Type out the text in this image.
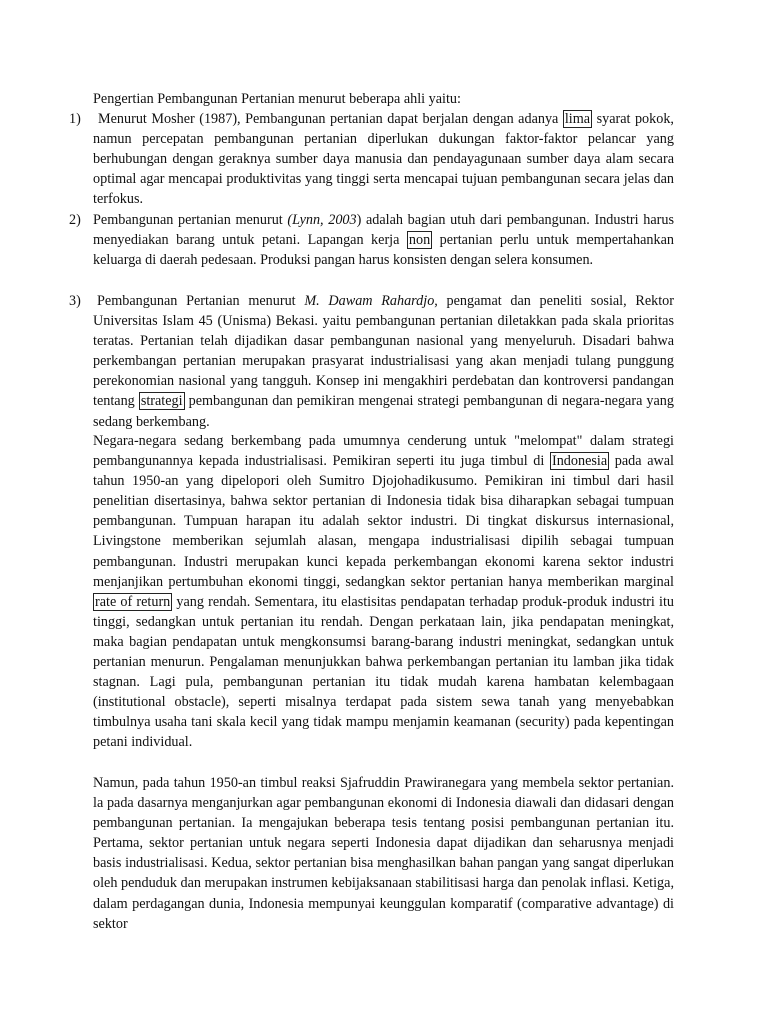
Pengertian Pembangunan Pertanian menurut beberapa ahli yaitu:
1)	Menurut Mosher (1987), Pembangunan pertanian dapat berjalan dengan adanya lima syarat pokok, namun percepatan pembangunan pertanian diperlukan dukungan faktor-faktor pelancar yang berhubungan dengan geraknya sumber daya manusia dan pendayagunaan sumber daya alam secara optimal agar mencapai produktivitas yang tinggi serta mencapai tujuan pembangunan secara jelas dan terfokus.

2) Pembangunan pertanian menurut (Lynn, 2003) adalah bagian utuh dari pembangunan. Industri harus menyediakan barang untuk petani. Lapangan kerja non pertanian perlu untuk mempertahankan keluarga di daerah pedesaan. Produksi pangan harus konsisten dengan selera konsumen.

3) Pembangunan Pertanian menurut M. Dawam Rahardjo, pengamat dan peneliti sosial, Rektor Universitas Islam 45 (Unisma) Bekasi. yaitu pembangunan pertanian diletakkan pada skala prioritas teratas. Pertanian telah dijadikan dasar pembangunan nasional yang menyeluruh. Disadari bahwa perkembangan pertanian merupakan prasyarat industrialisasi yang akan menjadi tulang punggung perekonomian nasional yang tangguh. Konsep ini mengakhiri perdebatan dan kontroversi pandangan tentang strategi pembangunan dan pemikiran mengenai strategi pembangunan di negara-negara yang sedang berkembang.

Negara-negara sedang berkembang pada umumnya cenderung untuk "melompat" dalam strategi pembangunannya kepada industrialisasi. Pemikiran seperti itu juga timbul di Indonesia pada awal tahun 1950-an yang dipelopori oleh Sumitro Djojohadikusumo. Pemikiran ini timbul dari hasil penelitian disertasinya, bahwa sektor pertanian di Indonesia tidak bisa diharapkan sebagai tumpuan pembangunan. Tumpuan harapan itu adalah sektor industri. Di tingkat diskursus internasional, Livingstone memberikan sejumlah alasan, mengapa industrialisasi dipilih sebagai tumpuan pembangunan. Industri merupakan kunci kepada perkembangan ekonomi karena sektor industri menjanjikan pertumbuhan ekonomi tinggi, sedangkan sektor pertanian hanya memberikan marginal rate of return yang rendah. Sementara, itu elastisitas pendapatan terhadap produk-produk industri itu tinggi, sedangkan untuk pertanian itu rendah. Dengan perkataan lain, jika pendapatan meningkat, maka bagian pendapatan untuk mengkonsumsi barang-barang industri meningkat, sedangkan untuk pertanian menurun. Pengalaman menunjukkan bahwa perkembangan pertanian itu lamban jika tidak stagnan. Lagi pula, pembangunan pertanian itu tidak mudah karena hambatan kelembagaan (institutional obstacle), seperti misalnya terdapat pada sistem sewa tanah yang menyebabkan timbulnya usaha tani skala kecil yang tidak mampu menjamin keamanan (security) pada kepentingan petani individual.

Namun, pada tahun 1950-an timbul reaksi Sjafruddin Prawiranegara yang membela sektor pertanian. la pada dasarnya menganjurkan agar pembangunan ekonomi di Indonesia diawali dan didasari dengan pembangunan pertanian. Ia mengajukan beberapa tesis tentang posisi pembangunan pertanian itu. Pertama, sektor pertanian untuk negara seperti Indonesia dapat dijadikan dan seharusnya menjadi basis industrialisasi. Kedua, sektor pertanian bisa menghasilkan bahan pangan yang sangat diperlukan oleh penduduk dan merupakan instrumen kebijaksanaan stabilitisasi harga dan penolak inflasi. Ketiga, dalam perdagangan dunia, Indonesia mempunyai keunggulan komparatif (comparative advantage) di sektor
